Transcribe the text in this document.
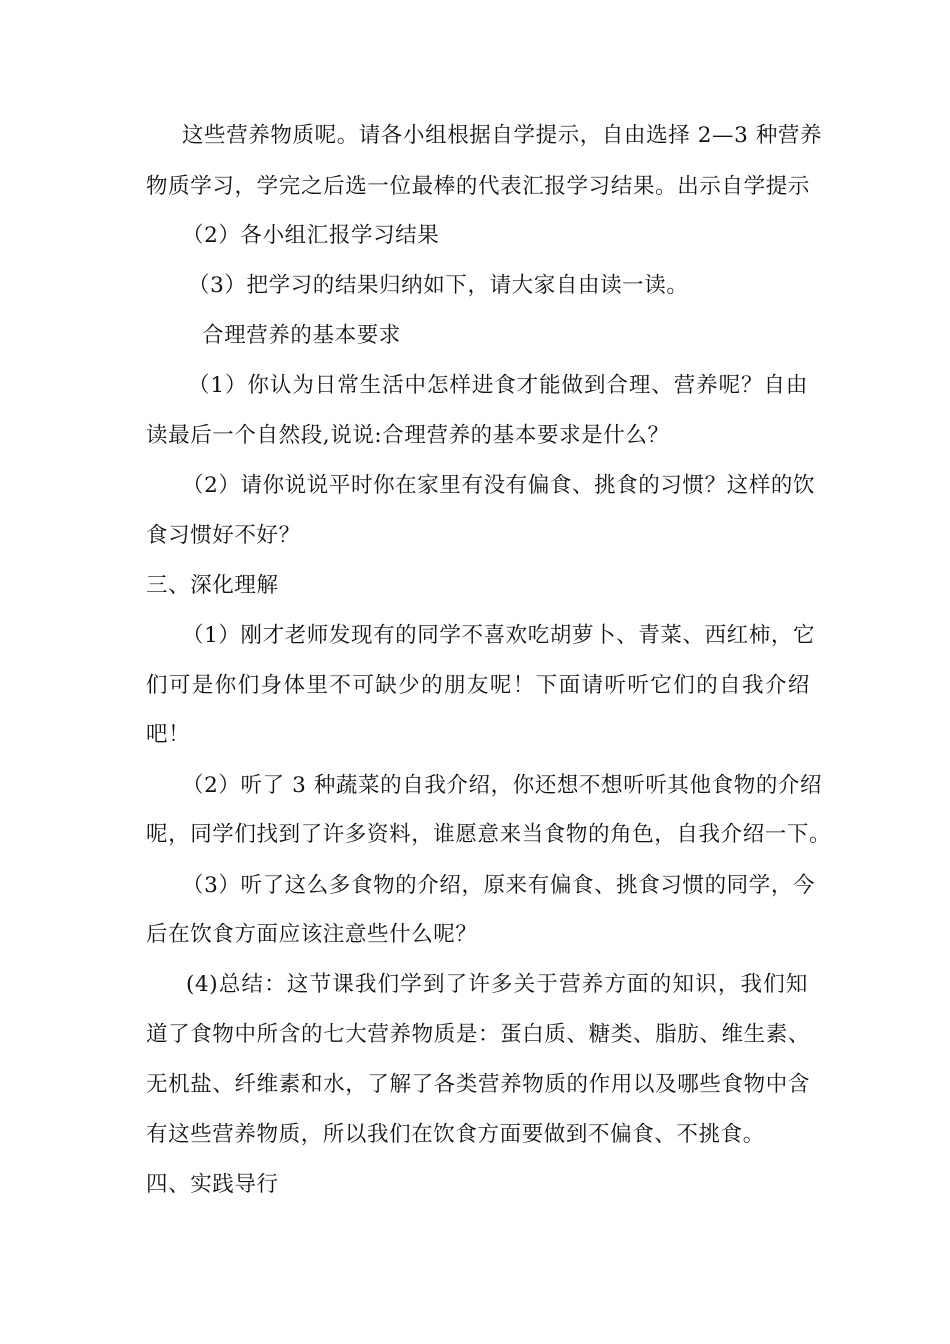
这些营养物质呢。请各小组根据自学提示，自由选择 2—3 种营养
物质学习，学完之后选一位最棒的代表汇报学习结果。出示自学提示
（2）各小组汇报学习结果
（3）把学习的结果归纳如下，请大家自由读一读。
合理营养的基本要求
（1）你认为日常生活中怎样进食才能做到合理、营养呢？自由
读最后一个自然段,说说:合理营养的基本要求是什么？
（2）请你说说平时你在家里有没有偏食、挑食的习惯？这样的饮
食习惯好不好？
三、深化理解
（1）刚才老师发现有的同学不喜欢吃胡萝卜、青菜、西红柿，它
们可是你们身体里不可缺少的朋友呢！下面请听听它们的自我介绍
吧！
（2）听了 3 种蔬菜的自我介绍，你还想不想听听其他食物的介绍
呢，同学们找到了许多资料，谁愿意来当食物的角色，自我介绍一下。
（3）听了这么多食物的介绍，原来有偏食、挑食习惯的同学，今
后在饮食方面应该注意些什么呢？
(4)总结：这节课我们学到了许多关于营养方面的知识，我们知
道了食物中所含的七大营养物质是：蛋白质、糖类、脂肪、维生素、
无机盐、纤维素和水，了解了各类营养物质的作用以及哪些食物中含
有这些营养物质，所以我们在饮食方面要做到不偏食、不挑食。
四、实践导行
